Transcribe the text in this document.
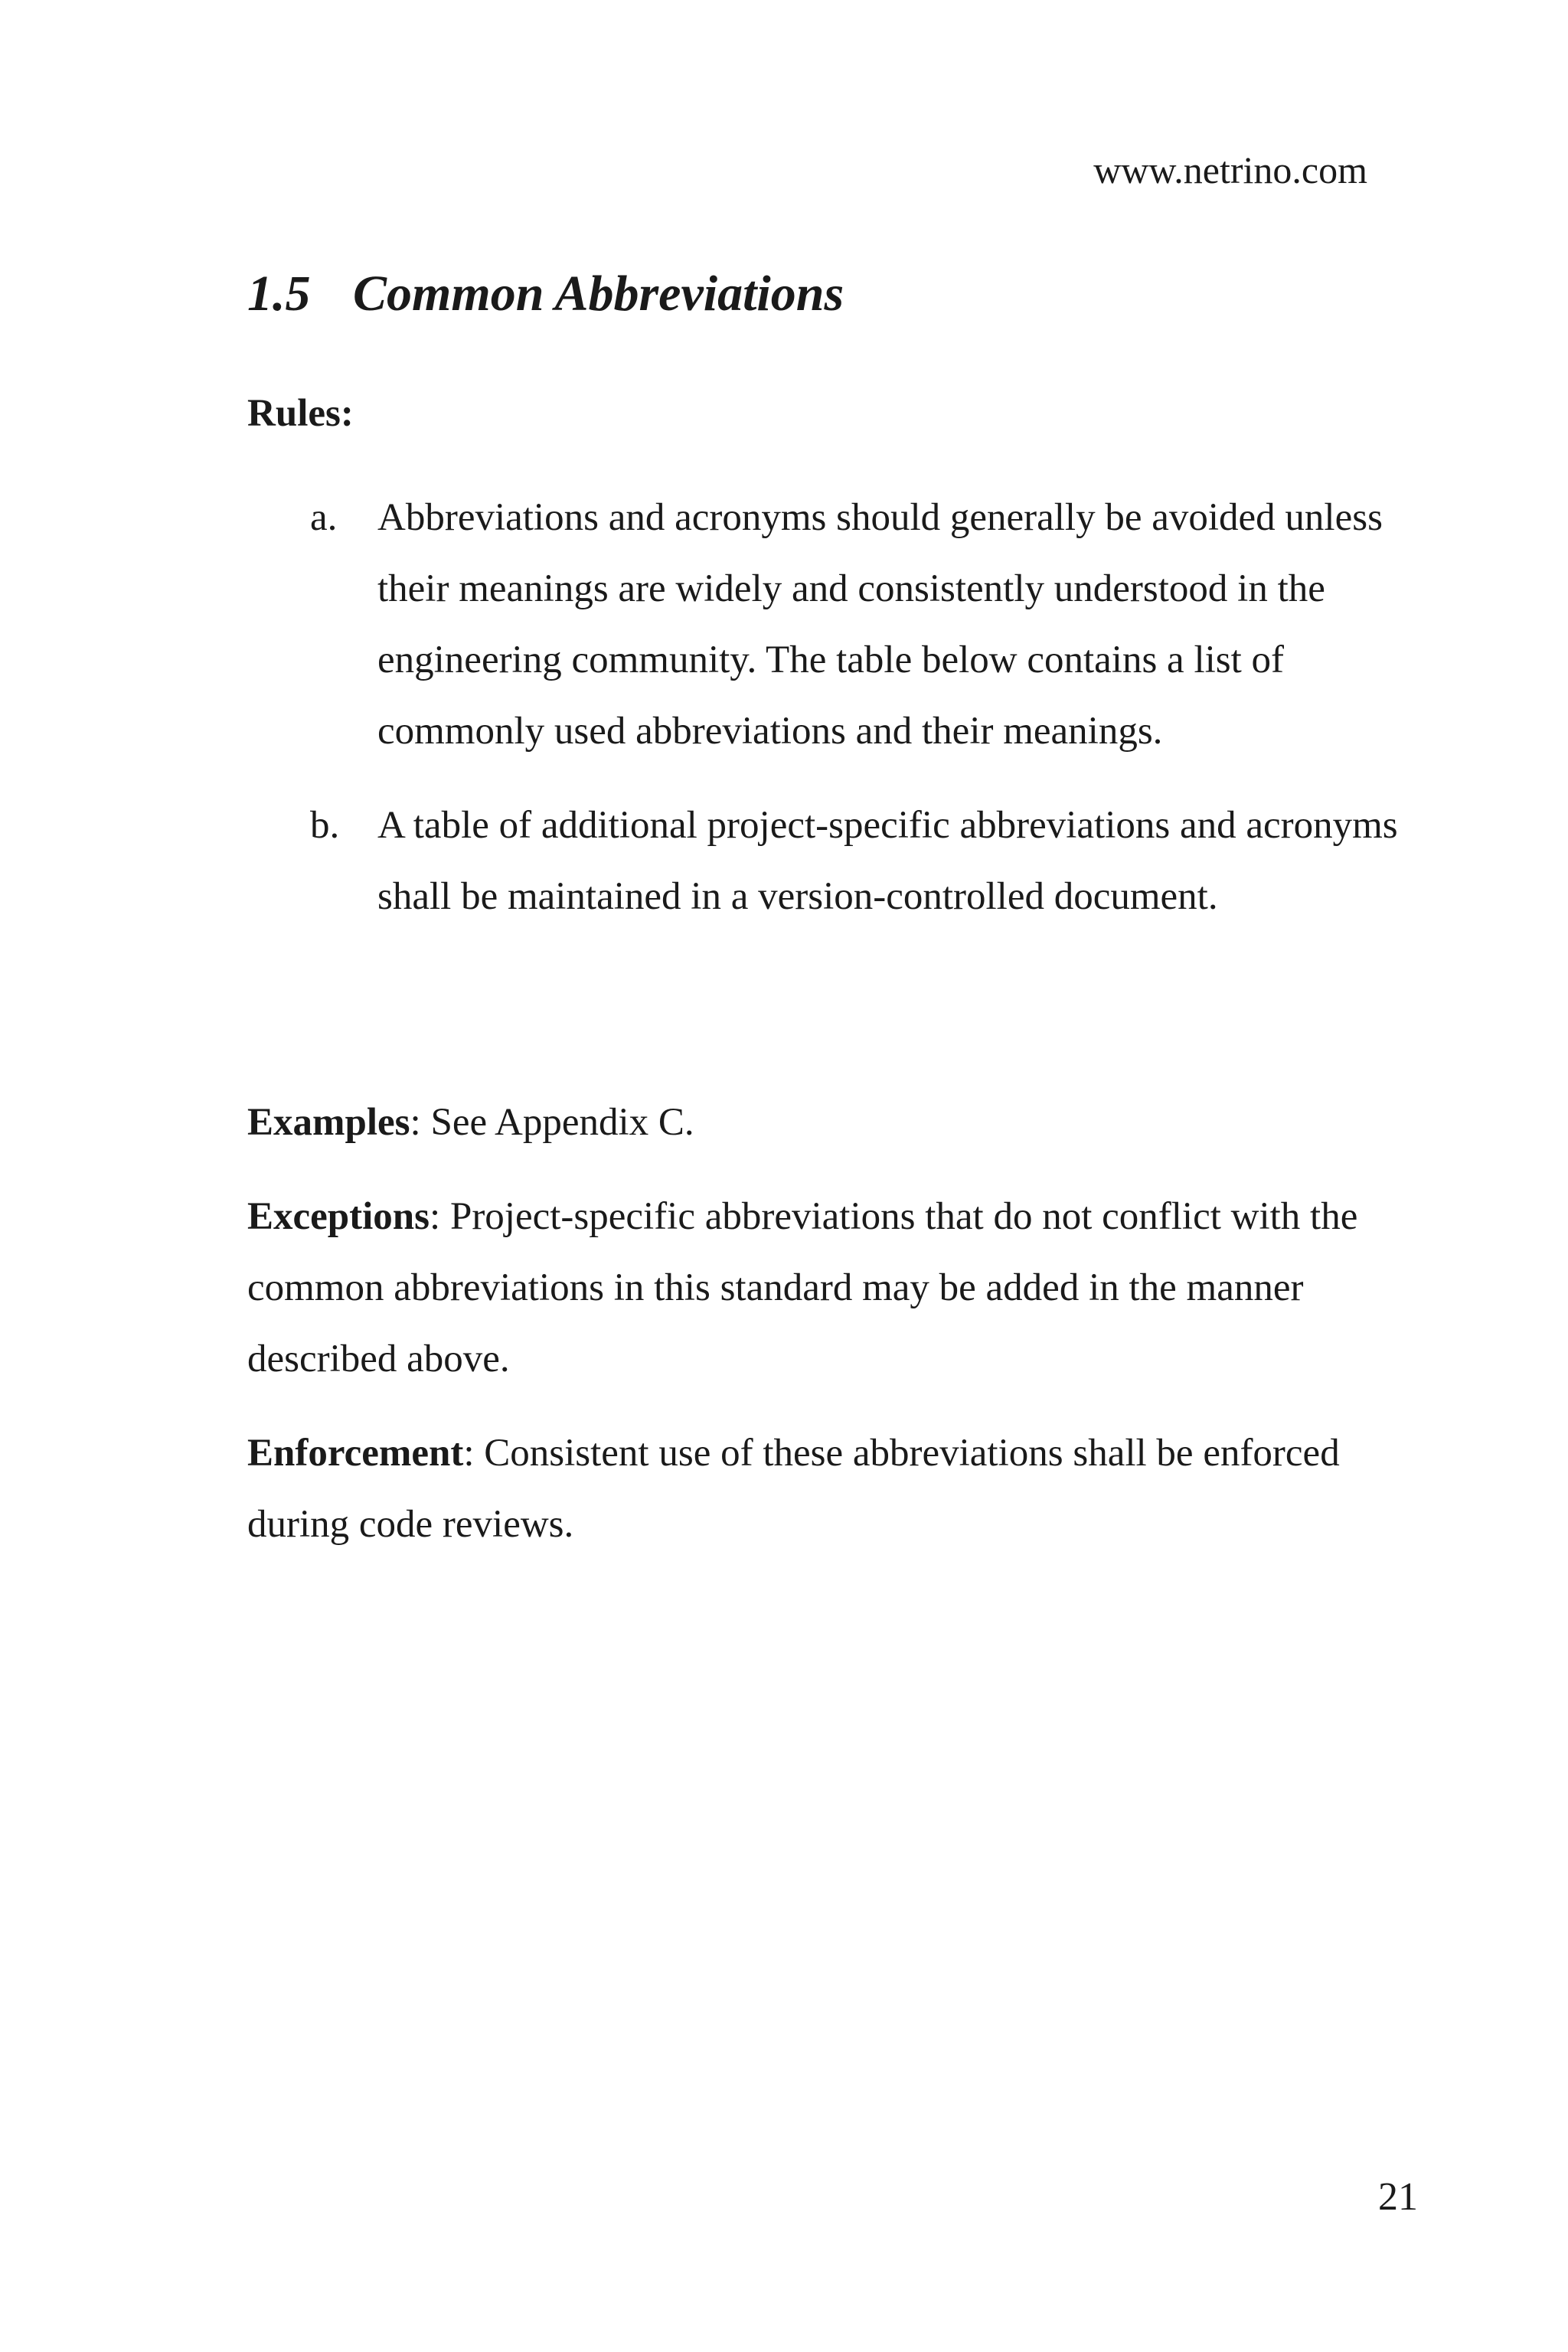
www.netrino.com
1.5 Common Abbreviations
Rules:
a. Abbreviations and acronyms should generally be avoided unless their meanings are widely and consistently understood in the engineering community. The table below contains a list of commonly used abbreviations and their meanings.
b. A table of additional project-specific abbreviations and acronyms shall be maintained in a version-controlled document.
Examples: See Appendix C.
Exceptions: Project-specific abbreviations that do not conflict with the common abbreviations in this standard may be added in the manner described above.
Enforcement: Consistent use of these abbreviations shall be enforced during code reviews.
21
